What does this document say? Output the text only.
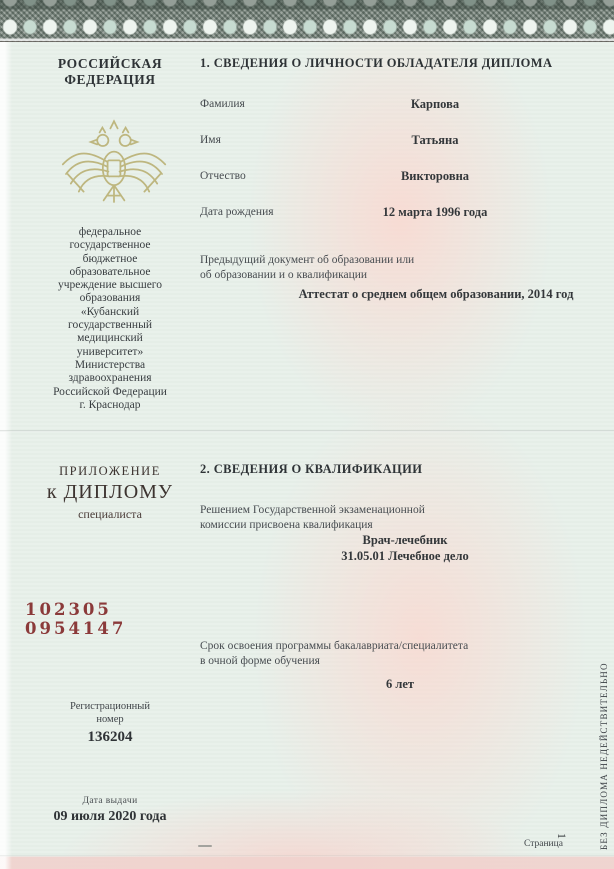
РОССИЙСКАЯ
ФЕДЕРАЦИЯ
федеральное
государственное
бюджетное
образовательное
учреждение высшего
образования
«Кубанский
государственный
медицинский
университет»
Министерства
здравоохранения
Российской Федерации
г. Краснодар
ПРИЛОЖЕНИЕ
к ДИПЛОМУ
специалиста
102305 0954147
Регистрационный
номер
136204
Дата выдачи
09 июля 2020 года
1. СВЕДЕНИЯ О ЛИЧНОСТИ ОБЛАДАТЕЛЯ ДИПЛОМА
Фамилия	Карпова
Имя	Татьяна
Отчество	Викторовна
Дата рождения	12 марта 1996 года
Предыдущий документ об образовании или
об образовании и о квалификации
Аттестат о среднем общем образовании, 2014 год
2. СВЕДЕНИЯ О КВАЛИФИКАЦИИ
Решением Государственной экзаменационной
комиссии присвоена квалификация
Врач-лечебник
31.05.01 Лечебное дело
Срок освоения программы бакалавриата/специалитета
в очной форме обучения
6 лет
Страница
1	БЕЗ ДИПЛОМА НЕДЕЙСТВИТЕЛЬНО
